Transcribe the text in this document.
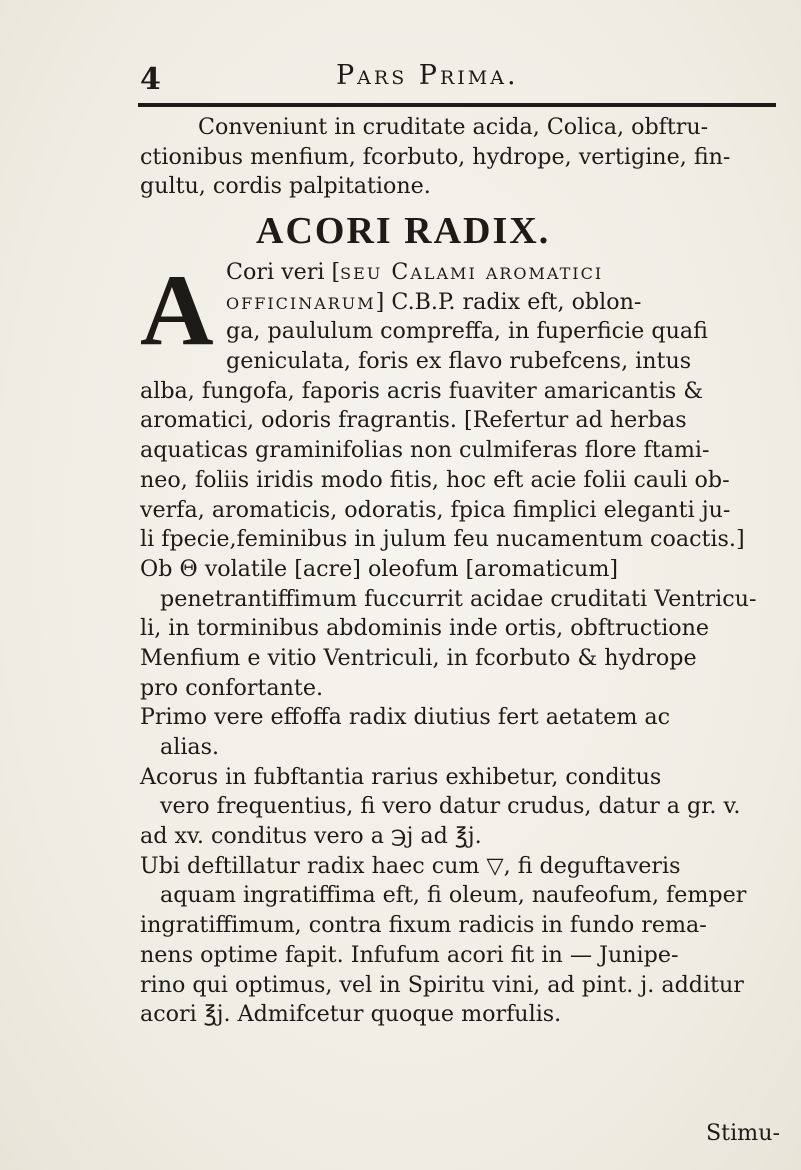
4	Pars Prima.
Conveniunt in cruditate acida, Colica, obftru-
ctionibus menfium, fcorbuto, hydrope, vertigine, fin-
gultu, cordis palpitatione.
ACORI RADIX.
A Cori veri [seu Calami aromatici
officinarum] C.B.P. radix eft, oblon-
ga, paululum compreffa, in fuperficie quafi
geniculata, foris ex flavo rubefcens, intus
alba, fungofa, faporis acris fuaviter amaricantis &
aromatici, odoris fragrantis. [Refertur ad herbas
aquaticas graminifolias non culmiferas flore ftami-
neo, foliis iridis modo fitis, hoc eft acie folii cauli ob-
verfa, aromaticis, odoratis, fpica fimplici eleganti ju-
li fpecie,feminibus in julum feu nucamentum coactis.]
Ob Θ volatile [acre] oleofum [aromaticum]
penetrantiffimum fuccurrit acidae cruditati Ventricu-
li, in torminibus abdominis inde ortis, obftructione
Menfium e vitio Ventriculi, in fcorbuto & hydrope
pro confortante.
Primo vere effoffa radix diutius fert aetatem ac
alias.
Acorus in fubftantia rarius exhibetur, conditus
vero frequentius, fi vero datur crudus, datur a gr. v.
ad xv. conditus vero a ℈j ad ℥j.
Ubi deftillatur radix haec cum ▽, fi deguftaveris
aquam ingratiffima eft, fi oleum, naufeofum, femper
ingratiffimum, contra fixum radicis in fundo rema-
nens optime fapit. Infufum acori fit in — Junipe-
rino qui optimus, vel in Spiritu vini, ad pint. j. additur
acori ℥j. Admifcetur quoque morfulis.
Stimu-
